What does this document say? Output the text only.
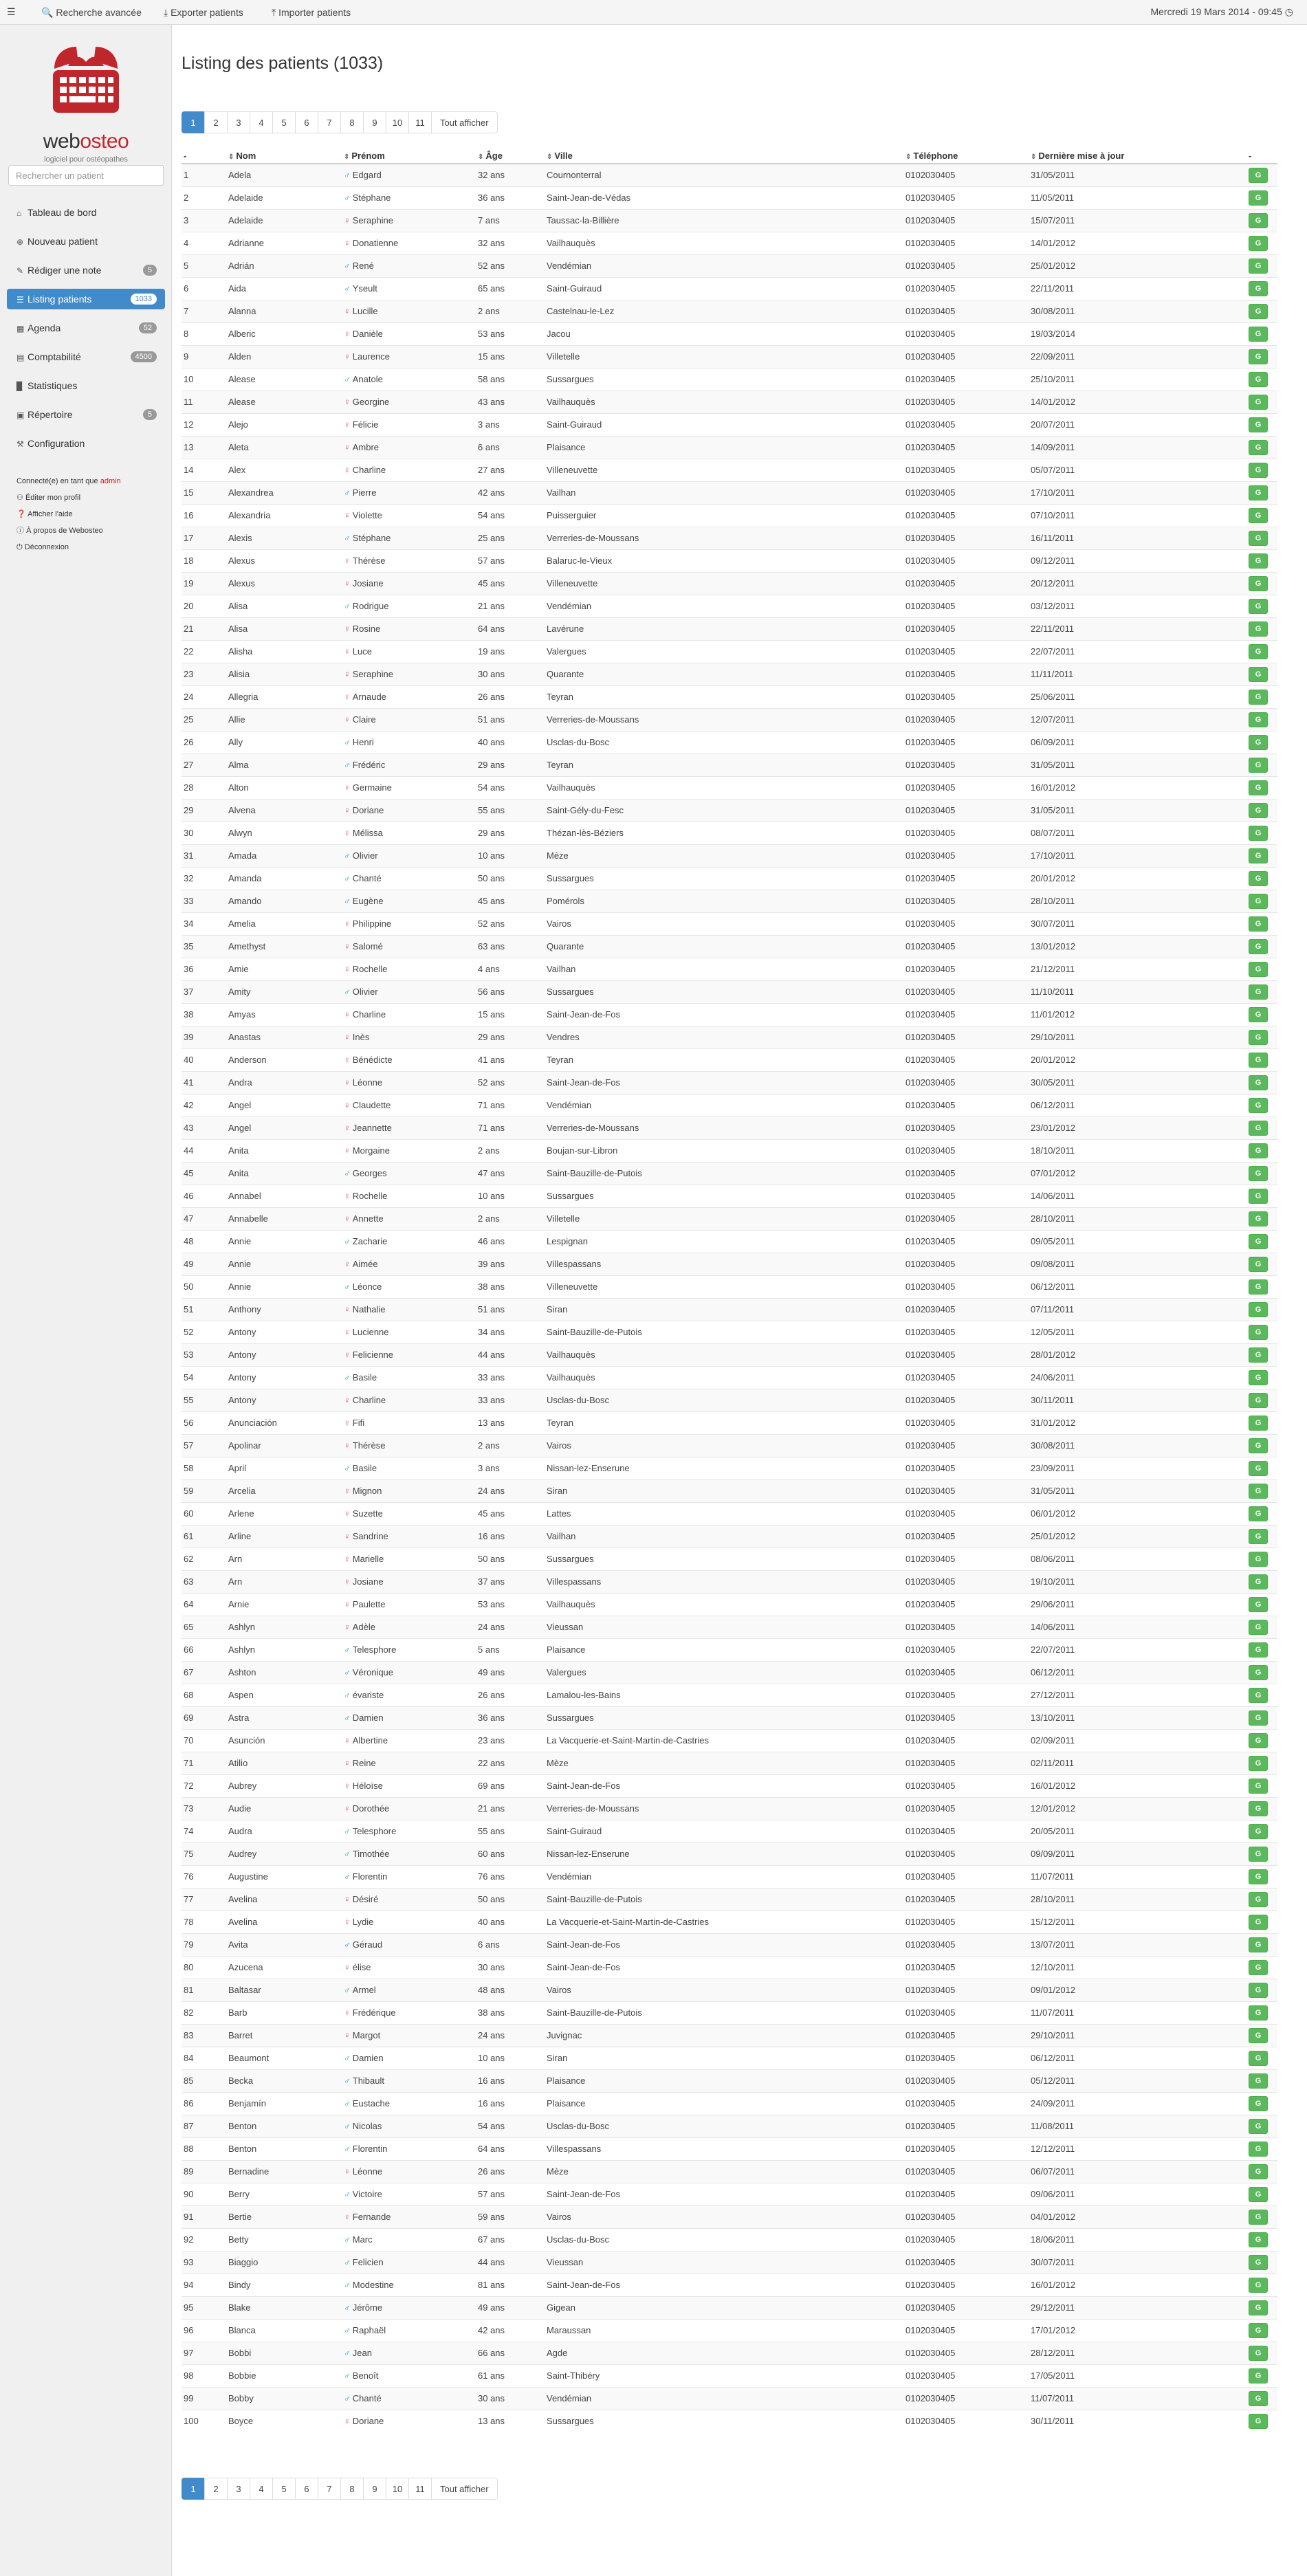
☰	🔍 Recherche avancée ⤓ Exporter patients	⤒ Importer patients	Mercredi 19 Mars 2014 - 09:45 ◷
webosteo
logiciel pour ostéopathes
Rechercher un patient
⌂ Tableau de bord
⊕ Nouveau patient
✎ Rédiger une note	5
☰ Listing patients	1033
▦ Agenda	52
▤ Comptabilité	4500
▉ Statistiques
▣ Répertoire	5
⚒ Configuration
Connecté(e) en tant que admin
⚇ Éditer mon profil
❓ Afficher l'aide
ⓘ À propos de Webosteo
⏻ Déconnexion
Listing des patients (1033)
1	2	3	4	5	6	7	8	9	10	11	Tout afficher
-	⇕ Nom	⇕ Prénom	⇕ Âge	⇕ Ville	⇕ Téléphone	⇕ Dernière mise à jour	-
1	Adela	♂ Edgard	32 ans	Cournonterral	0102030405	31/05/2011	G
2	Adelaide	♂ Stéphane	36 ans	Saint-Jean-de-Védas	0102030405	11/05/2011	G
3	Adelaide	♀ Seraphine	7 ans	Taussac-la-Billière	0102030405	15/07/2011	G
4	Adrianne	♀ Donatienne	32 ans	Vailhauquès	0102030405	14/01/2012	G
5	Adrián	♂ René	52 ans	Vendémian	0102030405	25/01/2012	G
6	Aida	♂ Yseult	65 ans	Saint-Guiraud	0102030405	22/11/2011	G
7	Alanna	♀ Lucille	2 ans	Castelnau-le-Lez	0102030405	30/08/2011	G
8	Alberic	♀ Danièle	53 ans	Jacou	0102030405	19/03/2014	G
9	Alden	♀ Laurence	15 ans	Villetelle	0102030405	22/09/2011	G
10	Alease	♂ Anatole	58 ans	Sussargues	0102030405	25/10/2011	G
11	Alease	♀ Georgine	43 ans	Vailhauquès	0102030405	14/01/2012	G
12	Alejo	♀ Félicie	3 ans	Saint-Guiraud	0102030405	20/07/2011	G
13	Aleta	♀ Ambre	6 ans	Plaisance	0102030405	14/09/2011	G
14	Alex	♀ Charline	27 ans	Villeneuvette	0102030405	05/07/2011	G
15	Alexandrea	♂ Pierre	42 ans	Vailhan	0102030405	17/10/2011	G
16	Alexandria	♀ Violette	54 ans	Puisserguier	0102030405	07/10/2011	G
17	Alexis	♂ Stéphane	25 ans	Verreries-de-Moussans	0102030405	16/11/2011	G
18	Alexus	♀ Thérèse	57 ans	Balaruc-le-Vieux	0102030405	09/12/2011	G
19	Alexus	♀ Josiane	45 ans	Villeneuvette	0102030405	20/12/2011	G
20	Alisa	♂ Rodrigue	21 ans	Vendémian	0102030405	03/12/2011	G
21	Alisa	♀ Rosine	64 ans	Lavérune	0102030405	22/11/2011	G
22	Alisha	♀ Luce	19 ans	Valergues	0102030405	22/07/2011	G
23	Alisia	♀ Seraphine	30 ans	Quarante	0102030405	11/11/2011	G
24	Allegria	♀ Arnaude	26 ans	Teyran	0102030405	25/06/2011	G
25	Allie	♀ Claire	51 ans	Verreries-de-Moussans	0102030405	12/07/2011	G
26	Ally	♂ Henri	40 ans	Usclas-du-Bosc	0102030405	06/09/2011	G
27	Alma	♂ Frédéric	29 ans	Teyran	0102030405	31/05/2011	G
28	Alton	♀ Germaine	54 ans	Vailhauquès	0102030405	16/01/2012	G
29	Alvena	♀ Doriane	55 ans	Saint-Gély-du-Fesc	0102030405	31/05/2011	G
30	Alwyn	♀ Mélissa	29 ans	Thézan-lès-Béziers	0102030405	08/07/2011	G
31	Amada	♂ Olivier	10 ans	Mèze	0102030405	17/10/2011	G
32	Amanda	♂ Chanté	50 ans	Sussargues	0102030405	20/01/2012	G
33	Amando	♂ Eugène	45 ans	Pomérols	0102030405	28/10/2011	G
34	Amelia	♀ Philippine	52 ans	Vairos	0102030405	30/07/2011	G
35	Amethyst	♀ Salomé	63 ans	Quarante	0102030405	13/01/2012	G
36	Amie	♀ Rochelle	4 ans	Vailhan	0102030405	21/12/2011	G
37	Amity	♂ Olivier	56 ans	Sussargues	0102030405	11/10/2011	G
38	Amyas	♀ Charline	15 ans	Saint-Jean-de-Fos	0102030405	11/01/2012	G
39	Anastas	♀ Inès	29 ans	Vendres	0102030405	29/10/2011	G
40	Anderson	♀ Bénédicte	41 ans	Teyran	0102030405	20/01/2012	G
41	Andra	♀ Léonne	52 ans	Saint-Jean-de-Fos	0102030405	30/05/2011	G
42	Angel	♀ Claudette	71 ans	Vendémian	0102030405	06/12/2011	G
43	Angel	♀ Jeannette	71 ans	Verreries-de-Moussans	0102030405	23/01/2012	G
44	Anita	♀ Morgaine	2 ans	Boujan-sur-Libron	0102030405	18/10/2011	G
45	Anita	♂ Georges	47 ans	Saint-Bauzille-de-Putois	0102030405	07/01/2012	G
46	Annabel	♀ Rochelle	10 ans	Sussargues	0102030405	14/06/2011	G
47	Annabelle	♀ Annette	2 ans	Villetelle	0102030405	28/10/2011	G
48	Annie	♂ Zacharie	46 ans	Lespignan	0102030405	09/05/2011	G
49	Annie	♀ Aimée	39 ans	Villespassans	0102030405	09/08/2011	G
50	Annie	♂ Léonce	38 ans	Villeneuvette	0102030405	06/12/2011	G
51	Anthony	♀ Nathalie	51 ans	Siran	0102030405	07/11/2011	G
52	Antony	♀ Lucienne	34 ans	Saint-Bauzille-de-Putois	0102030405	12/05/2011	G
53	Antony	♀ Felicienne	44 ans	Vailhauquès	0102030405	28/01/2012	G
54	Antony	♂ Basile	33 ans	Vailhauquès	0102030405	24/06/2011	G
55	Antony	♀ Charline	33 ans	Usclas-du-Bosc	0102030405	30/11/2011	G
56	Anunciación	♀ Fifi	13 ans	Teyran	0102030405	31/01/2012	G
57	Apolinar	♀ Thérèse	2 ans	Vairos	0102030405	30/08/2011	G
58	April	♂ Basile	3 ans	Nissan-lez-Enserune	0102030405	23/09/2011	G
59	Arcelia	♀ Mignon	24 ans	Siran	0102030405	31/05/2011	G
60	Arlene	♀ Suzette	45 ans	Lattes	0102030405	06/01/2012	G
61	Arline	♀ Sandrine	16 ans	Vailhan	0102030405	25/01/2012	G
62	Arn	♀ Marielle	50 ans	Sussargues	0102030405	08/06/2011	G
63	Arn	♀ Josiane	37 ans	Villespassans	0102030405	19/10/2011	G
64	Arnie	♀ Paulette	53 ans	Vailhauquès	0102030405	29/06/2011	G
65	Ashlyn	♀ Adèle	24 ans	Vieussan	0102030405	14/06/2011	G
66	Ashlyn	♂ Telesphore	5 ans	Plaisance	0102030405	22/07/2011	G
67	Ashton	♂ Véronique	49 ans	Valergues	0102030405	06/12/2011	G
68	Aspen	♂ évariste	26 ans	Lamalou-les-Bains	0102030405	27/12/2011	G
69	Astra	♂ Damien	36 ans	Sussargues	0102030405	13/10/2011	G
70	Asunción	♀ Albertine	23 ans	La Vacquerie-et-Saint-Martin-de-Castries	0102030405	02/09/2011	G
71	Atilio	♀ Reine	22 ans	Mèze	0102030405	02/11/2011	G
72	Aubrey	♀ Héloïse	69 ans	Saint-Jean-de-Fos	0102030405	16/01/2012	G
73	Audie	♀ Dorothée	21 ans	Verreries-de-Moussans	0102030405	12/01/2012	G
74	Audra	♂ Telesphore	55 ans	Saint-Guiraud	0102030405	20/05/2011	G
75	Audrey	♂ Timothée	60 ans	Nissan-lez-Enserune	0102030405	09/09/2011	G
76	Augustine	♂ Florentin	76 ans	Vendémian	0102030405	11/07/2011	G
77	Avelina	♀ Désiré	50 ans	Saint-Bauzille-de-Putois	0102030405	28/10/2011	G
78	Avelina	♀ Lydie	40 ans	La Vacquerie-et-Saint-Martin-de-Castries	0102030405	15/12/2011	G
79	Avita	♂ Géraud	6 ans	Saint-Jean-de-Fos	0102030405	13/07/2011	G
80	Azucena	♀ élise	30 ans	Saint-Jean-de-Fos	0102030405	12/10/2011	G
81	Baltasar	♂ Armel	48 ans	Vairos	0102030405	09/01/2012	G
82	Barb	♀ Frédérique	38 ans	Saint-Bauzille-de-Putois	0102030405	11/07/2011	G
83	Barret	♀ Margot	24 ans	Juvignac	0102030405	29/10/2011	G
84	Beaumont	♂ Damien	10 ans	Siran	0102030405	06/12/2011	G
85	Becka	♂ Thibault	16 ans	Plaisance	0102030405	05/12/2011	G
86	Benjamín	♂ Eustache	16 ans	Plaisance	0102030405	24/09/2011	G
87	Benton	♂ Nicolas	54 ans	Usclas-du-Bosc	0102030405	11/08/2011	G
88	Benton	♂ Florentin	64 ans	Villespassans	0102030405	12/12/2011	G
89	Bernadine	♀ Léonne	26 ans	Mèze	0102030405	06/07/2011	G
90	Berry	♂ Victoire	57 ans	Saint-Jean-de-Fos	0102030405	09/06/2011	G
91	Bertie	♀ Fernande	59 ans	Vairos	0102030405	04/01/2012	G
92	Betty	♂ Marc	67 ans	Usclas-du-Bosc	0102030405	18/06/2011	G
93	Biaggio	♂ Felicien	44 ans	Vieussan	0102030405	30/07/2011	G
94	Bindy	♂ Modestine	81 ans	Saint-Jean-de-Fos	0102030405	16/01/2012	G
95	Blake	♂ Jérôme	49 ans	Gigean	0102030405	29/12/2011	G
96	Blanca	♂ Raphaël	42 ans	Maraussan	0102030405	17/01/2012	G
97	Bobbi	♂ Jean	66 ans	Agde	0102030405	28/12/2011	G
98	Bobbie	♂ Benoît	61 ans	Saint-Thibéry	0102030405	17/05/2011	G
99	Bobby	♂ Chanté	30 ans	Vendémian	0102030405	11/07/2011	G
100	Boyce	♀ Doriane	13 ans	Sussargues	0102030405	30/11/2011	G
1	2	3	4	5	6	7	8	9	10	11	Tout afficher
